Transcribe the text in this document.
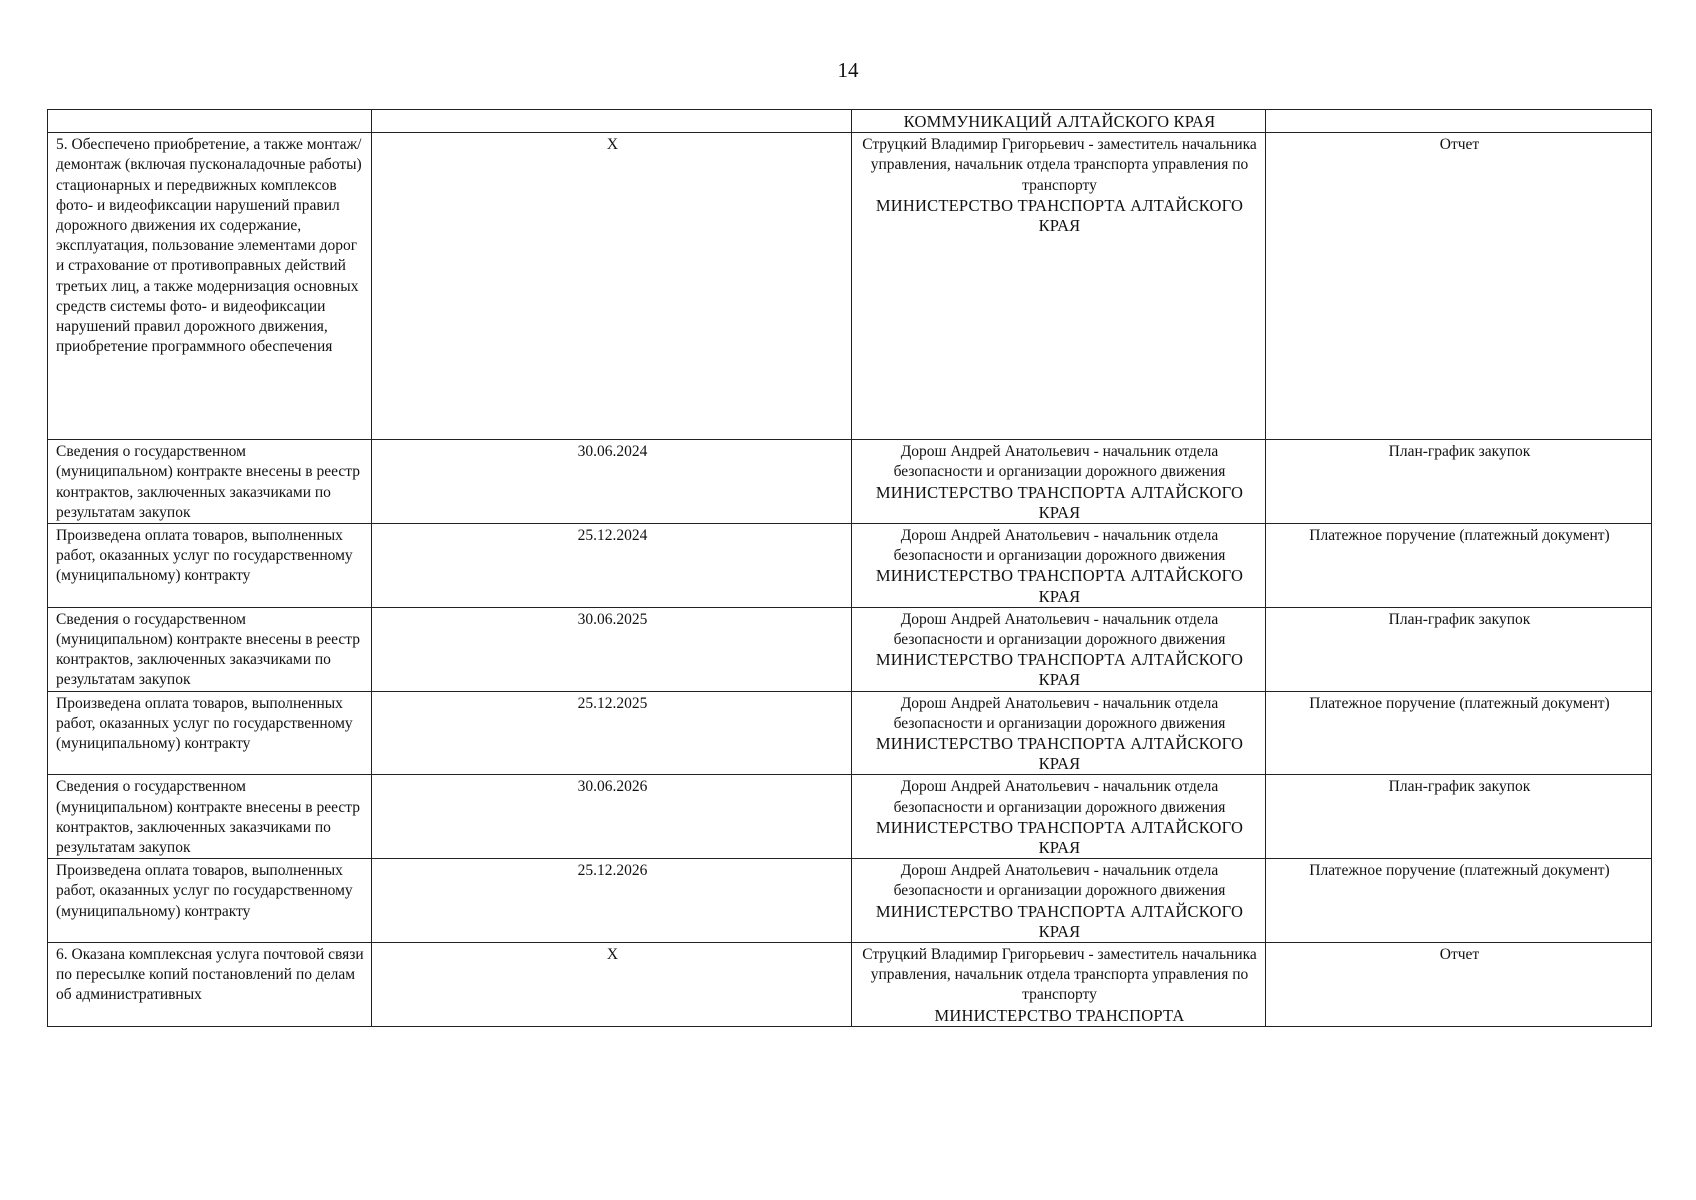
14

		КОММУНИКАЦИЙ АЛТАЙСКОГО КРАЯ	

5. Обеспечено приобретение, а также монтаж/демонтаж (включая пусконаладочные работы) стационарных и передвижных комплексов фото- и видеофиксации нарушений правил дорожного движения их содержание, эксплуатация, пользование элементами дорог и страхование от противоправных действий третьих лиц, а также модернизация основных средств системы фото- и видеофиксации нарушений правил дорожного движения, приобретение программного обеспечения	X	Струцкий Владимир Григорьевич - заместитель начальника управления, начальник отдела транспорта управления по транспорту
МИНИСТЕРСТВО ТРАНСПОРТА АЛТАЙСКОГО КРАЯ	Отчет
Сведения о государственном (муниципальном) контракте внесены в реестр контрактов, заключенных заказчиками по результатам закупок	30.06.2024	Дорош Андрей Анатольевич - начальник отдела безопасности и организации дорожного движения
МИНИСТЕРСТВО ТРАНСПОРТА АЛТАЙСКОГО КРАЯ	План-график закупок
Произведена оплата товаров, выполненных работ, оказанных услуг по государственному (муниципальному) контракту	25.12.2024	Дорош Андрей Анатольевич - начальник отдела безопасности и организации дорожного движения
МИНИСТЕРСТВО ТРАНСПОРТА АЛТАЙСКОГО КРАЯ	Платежное поручение (платежный документ)
Сведения о государственном (муниципальном) контракте внесены в реестр контрактов, заключенных заказчиками по результатам закупок	30.06.2025	Дорош Андрей Анатольевич - начальник отдела безопасности и организации дорожного движения
МИНИСТЕРСТВО ТРАНСПОРТА АЛТАЙСКОГО КРАЯ	План-график закупок
Произведена оплата товаров, выполненных работ, оказанных услуг по государственному (муниципальному) контракту	25.12.2025	Дорош Андрей Анатольевич - начальник отдела безопасности и организации дорожного движения
МИНИСТЕРСТВО ТРАНСПОРТА АЛТАЙСКОГО КРАЯ	Платежное поручение (платежный документ)
Сведения о государственном (муниципальном) контракте внесены в реестр контрактов, заключенных заказчиками по результатам закупок	30.06.2026	Дорош Андрей Анатольевич - начальник отдела безопасности и организации дорожного движения
МИНИСТЕРСТВО ТРАНСПОРТА АЛТАЙСКОГО КРАЯ	План-график закупок
Произведена оплата товаров, выполненных работ, оказанных услуг по государственному (муниципальному) контракту	25.12.2026	Дорош Андрей Анатольевич - начальник отдела безопасности и организации дорожного движения
МИНИСТЕРСТВО ТРАНСПОРТА АЛТАЙСКОГО КРАЯ	Платежное поручение (платежный документ)
6. Оказана комплексная услуга почтовой связи по пересылке копий постановлений по делам об административных	X	Струцкий Владимир Григорьевич - заместитель начальника управления, начальник отдела транспорта управления по транспорту
МИНИСТЕРСТВО ТРАНСПОРТА	Отчет
